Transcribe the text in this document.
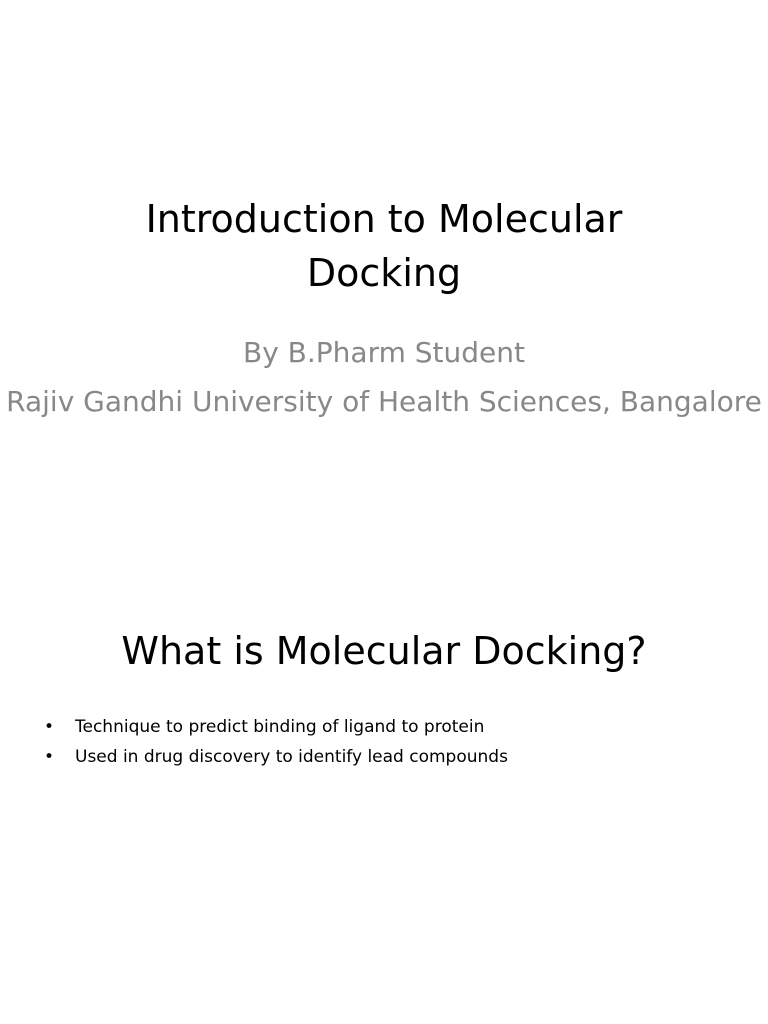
Introduction to Molecular
Docking
By B.Pharm Student
Rajiv Gandhi University of Health Sciences, Bangalore
What is Molecular Docking?
• Technique to predict binding of ligand to protein
• Used in drug discovery to identify lead compounds
